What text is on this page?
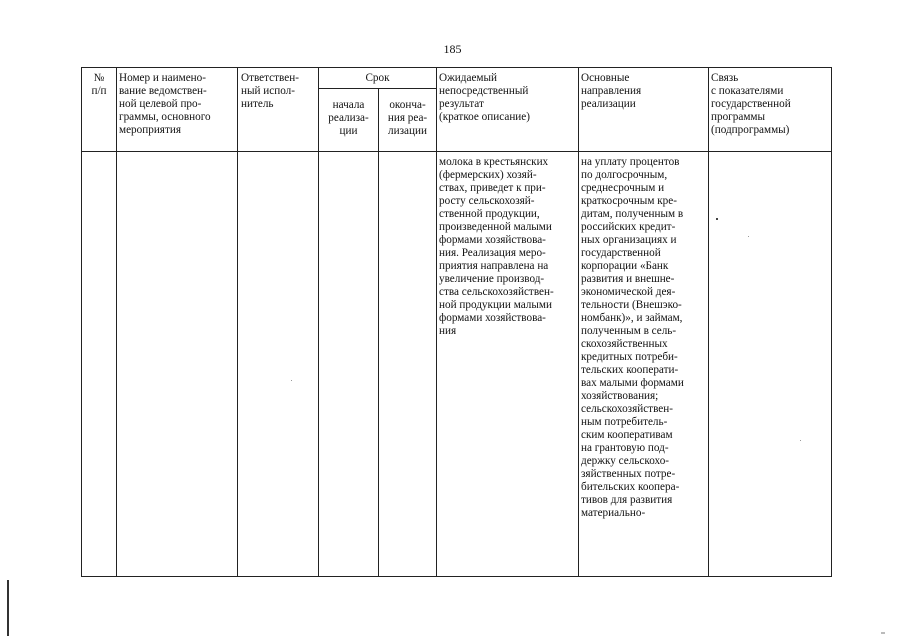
185
№
п/п
Номер и наимено-
вание ведомствен-
ной целевой про-
граммы, основного
мероприятия
Ответствен-
ный испол-
нитель
Срок
начала
реализа-
ции
оконча-
ния реа-
лизации
Ожидаемый
непосредственный
результат
(краткое описание)
Основные
направления
реализации
Связь
с показателями
государственной
программы
(подпрограммы)
молока в крестьянских
(фермерских) хозяй-
ствах, приведет к при-
росту сельскохозяй-
ственной продукции,
произведенной малыми
формами хозяйствова-
ния. Реализация меро-
приятия направлена на
увеличение производ-
ства сельскохозяйствен-
ной продукции малыми
формами хозяйствова-
ния
на уплату процентов
по долгосрочным,
среднесрочным и
краткосрочным кре-
дитам, полученным в
российских кредит-
ных организациях и
государственной
корпорации «Банк
развития и внешне-
экономической дея-
тельности (Внешэко-
номбанк)», и займам,
полученным в сель-
скохозяйственных
кредитных потреби-
тельских кооперати-
вах малыми формами
хозяйствования;
сельскохозяйствен-
ным потребитель-
ским кооперативам
на грантовую под-
держку сельскохо-
зяйственных потре-
бительских коопера-
тивов для развития
материально-
